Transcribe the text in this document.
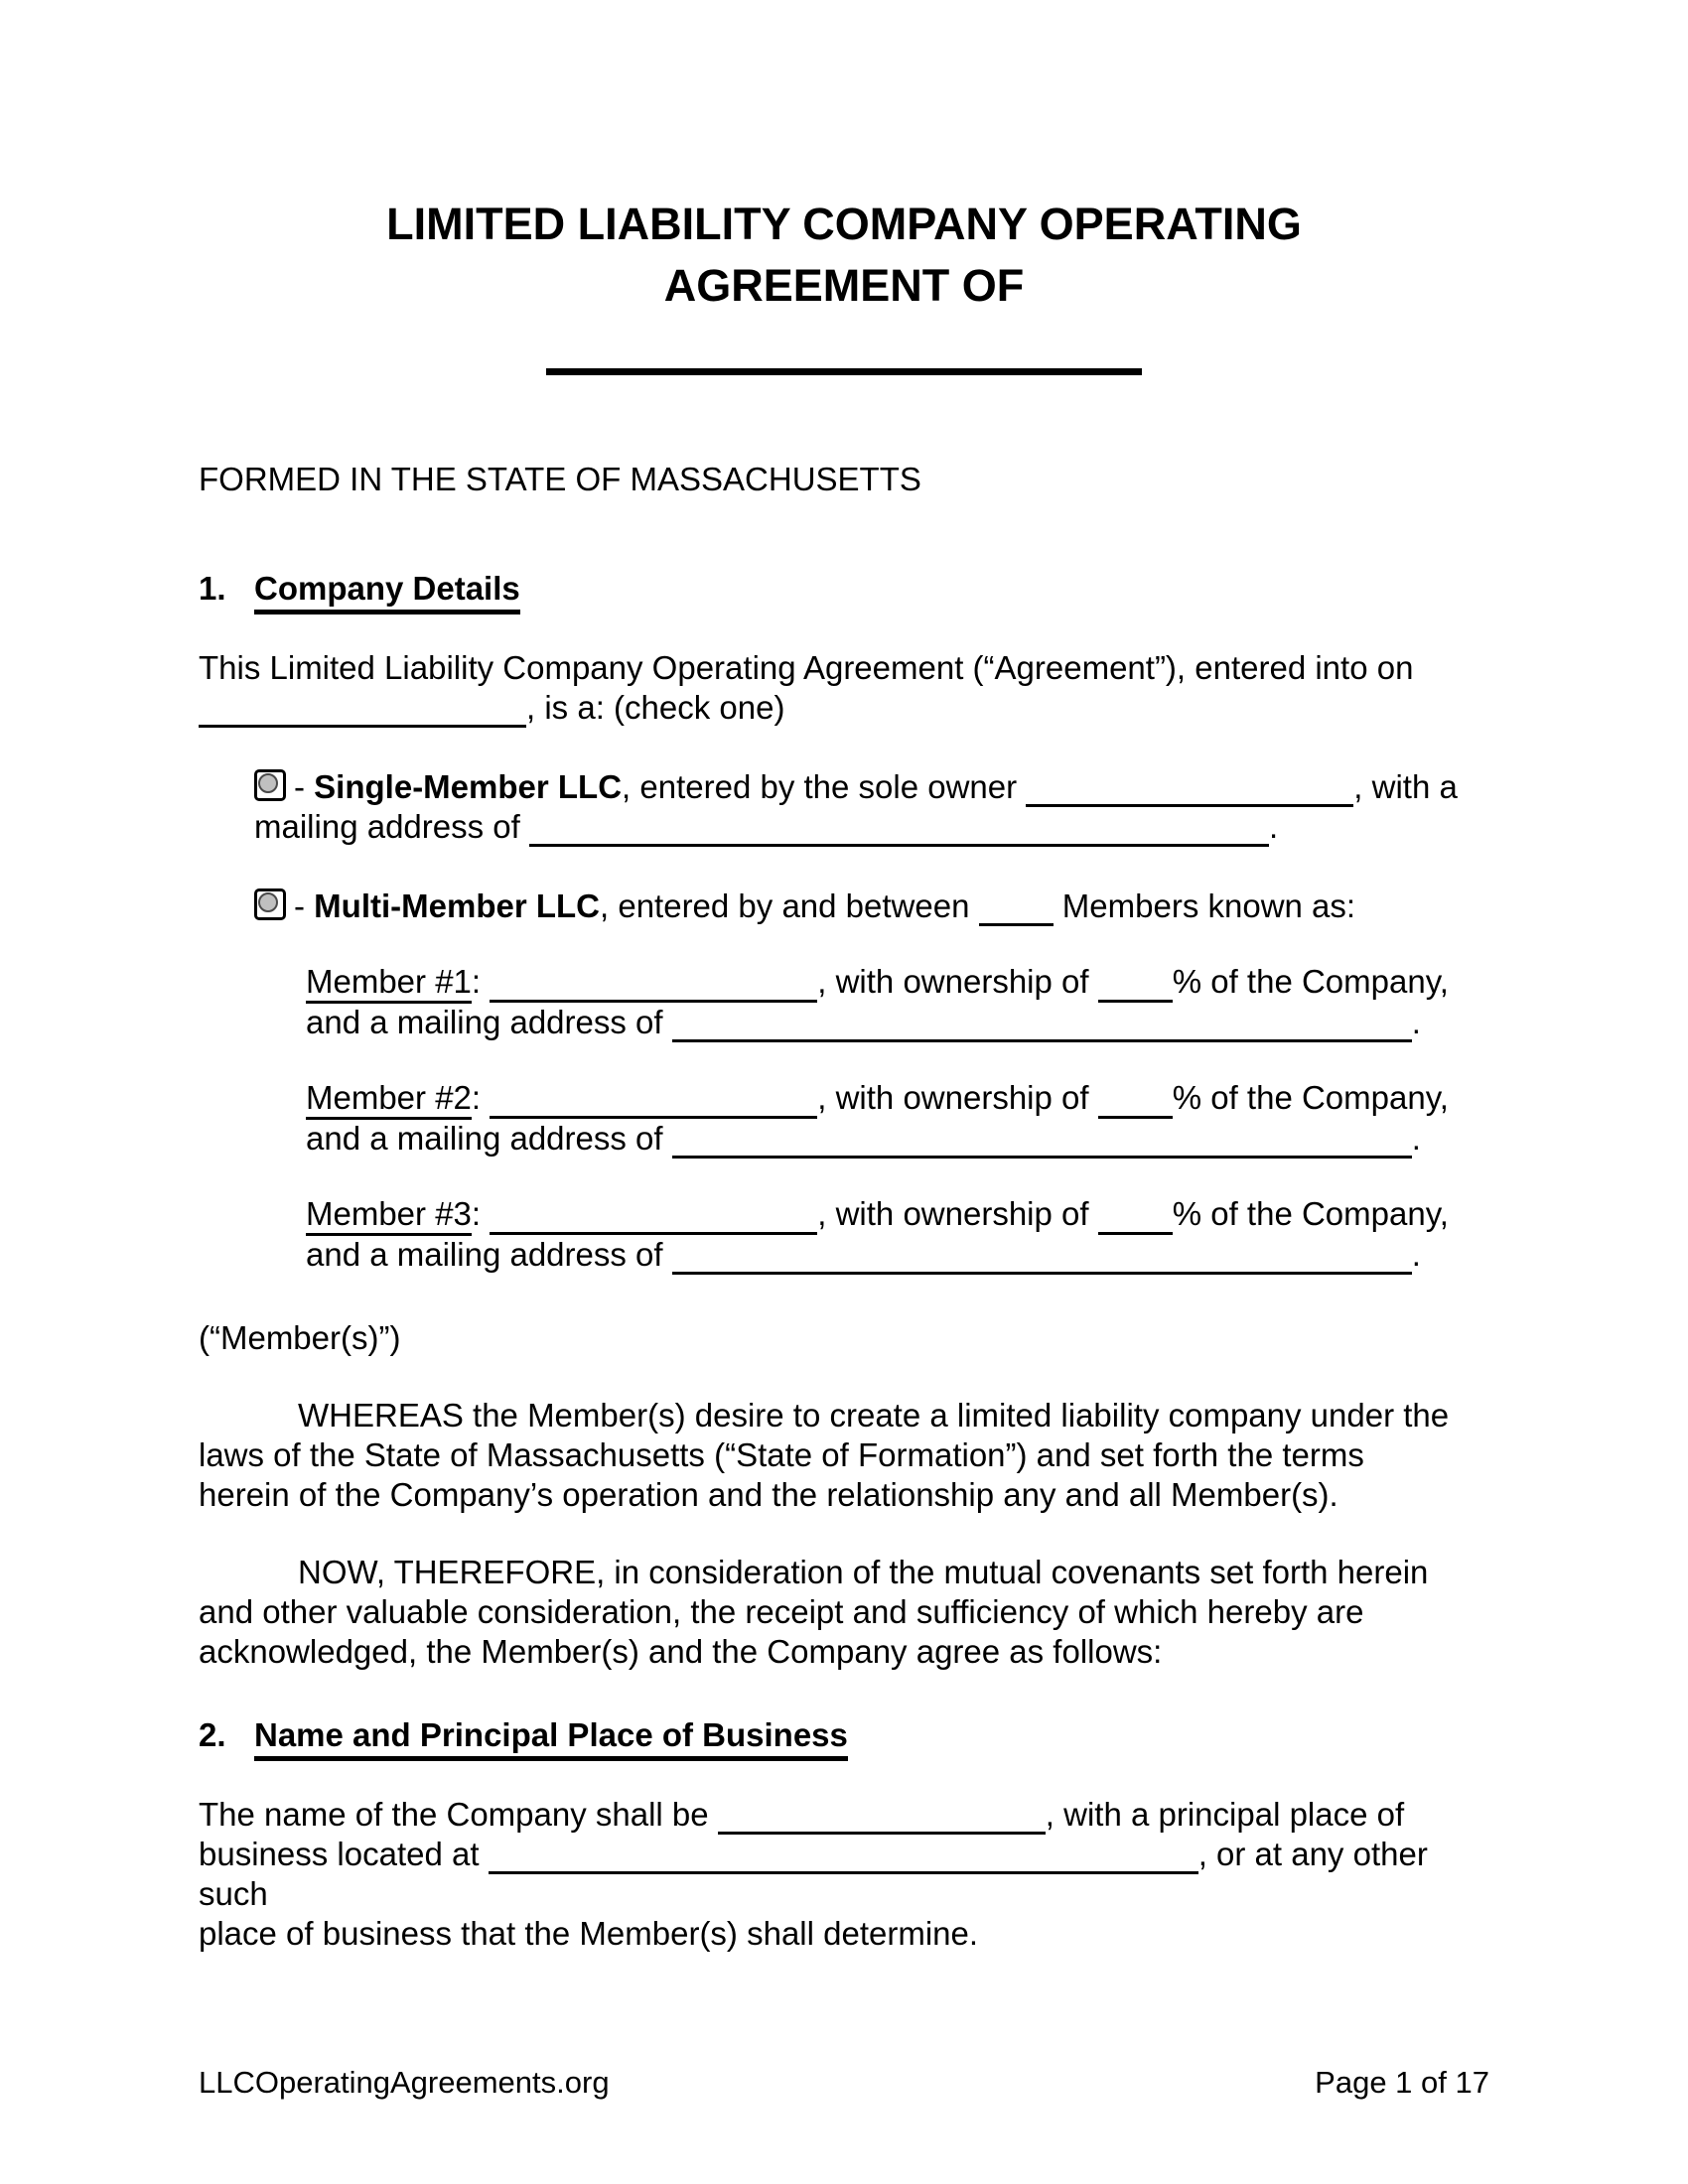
LIMITED LIABILITY COMPANY OPERATING
AGREEMENT OF

FORMED IN THE STATE OF MASSACHUSETTS

1. Company Details

This Limited Liability Company Operating Agreement (“Agreement”), entered into on
, is a: (check one)

- Single-Member LLC, entered by the sole owner	, with a
mailing address of	.

- Multi-Member LLC, entered by and between  Members known as:

Member #1:	, with ownership of % of the Company,
and a mailing address of	.

Member #2:	, with ownership of % of the Company,
and a mailing address of	.

Member #3:	, with ownership of % of the Company,
and a mailing address of	.

(“Member(s)”)

WHEREAS the Member(s) desire to create a limited liability company under the
laws of the State of Massachusetts (“State of Formation”) and set forth the terms
herein of the Company’s operation and the relationship any and all Member(s).

NOW, THEREFORE, in consideration of the mutual covenants set forth herein
and other valuable consideration, the receipt and sufficiency of which hereby are
acknowledged, the Member(s) and the Company agree as follows:

2. Name and Principal Place of Business

The name of the Company shall be	, with a principal place of
business located at	, or at any other such
place of business that the Member(s) shall determine.

LLCOperatingAgreements.org	Page 1 of 17
